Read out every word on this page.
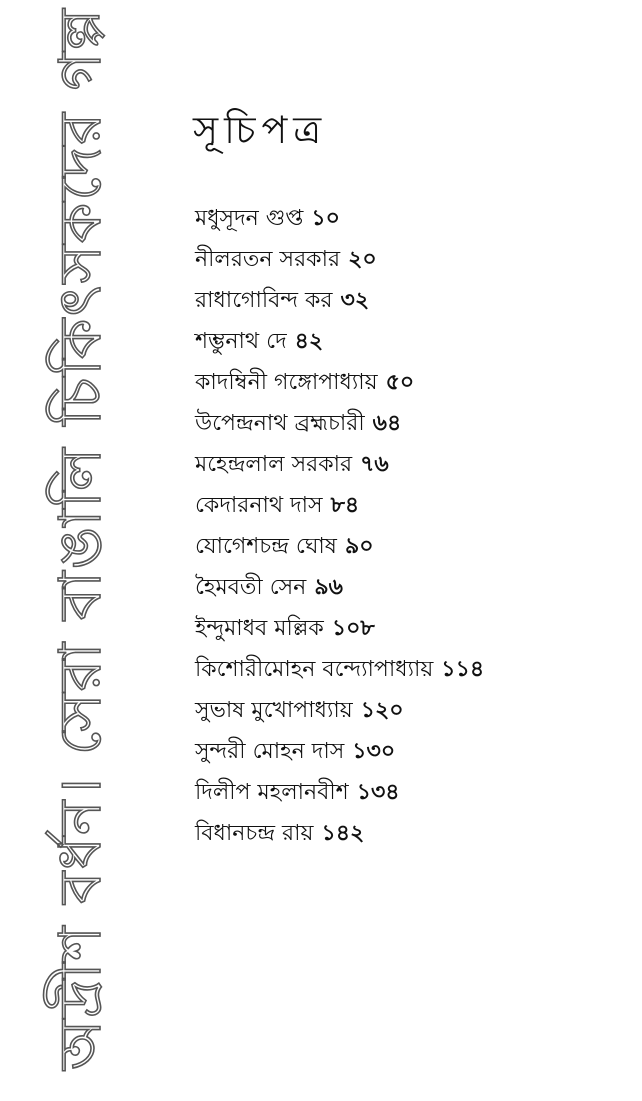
অদ্রীশ বর্ধন। সেরা বাঙালি চিকিৎসকদের গল্প সূচিপত্র
মধুসূদন গুপ্ত ১০
নীলরতন সরকার ২০
রাধাগোবিন্দ কর ৩২
শম্ভুনাথ দে ৪২
কাদম্বিনী গঙ্গোপাধ্যায় ৫০
উপেন্দ্রনাথ ব্রহ্মচারী ৬৪
মহেন্দ্রলাল সরকার ৭৬
কেদারনাথ দাস ৮৪
যোগেশচন্দ্র ঘোষ ৯০
হৈমবতী সেন ৯৬
ইন্দুমাধব মল্লিক ১০৮
কিশোরীমোহন বন্দ্যোপাধ্যায় ১১৪
সুভাষ মুখোপাধ্যায় ১২০
সুন্দরী মোহন দাস ১৩০
দিলীপ মহলানবীশ ১৩৪
বিধানচন্দ্র রায় ১৪২
